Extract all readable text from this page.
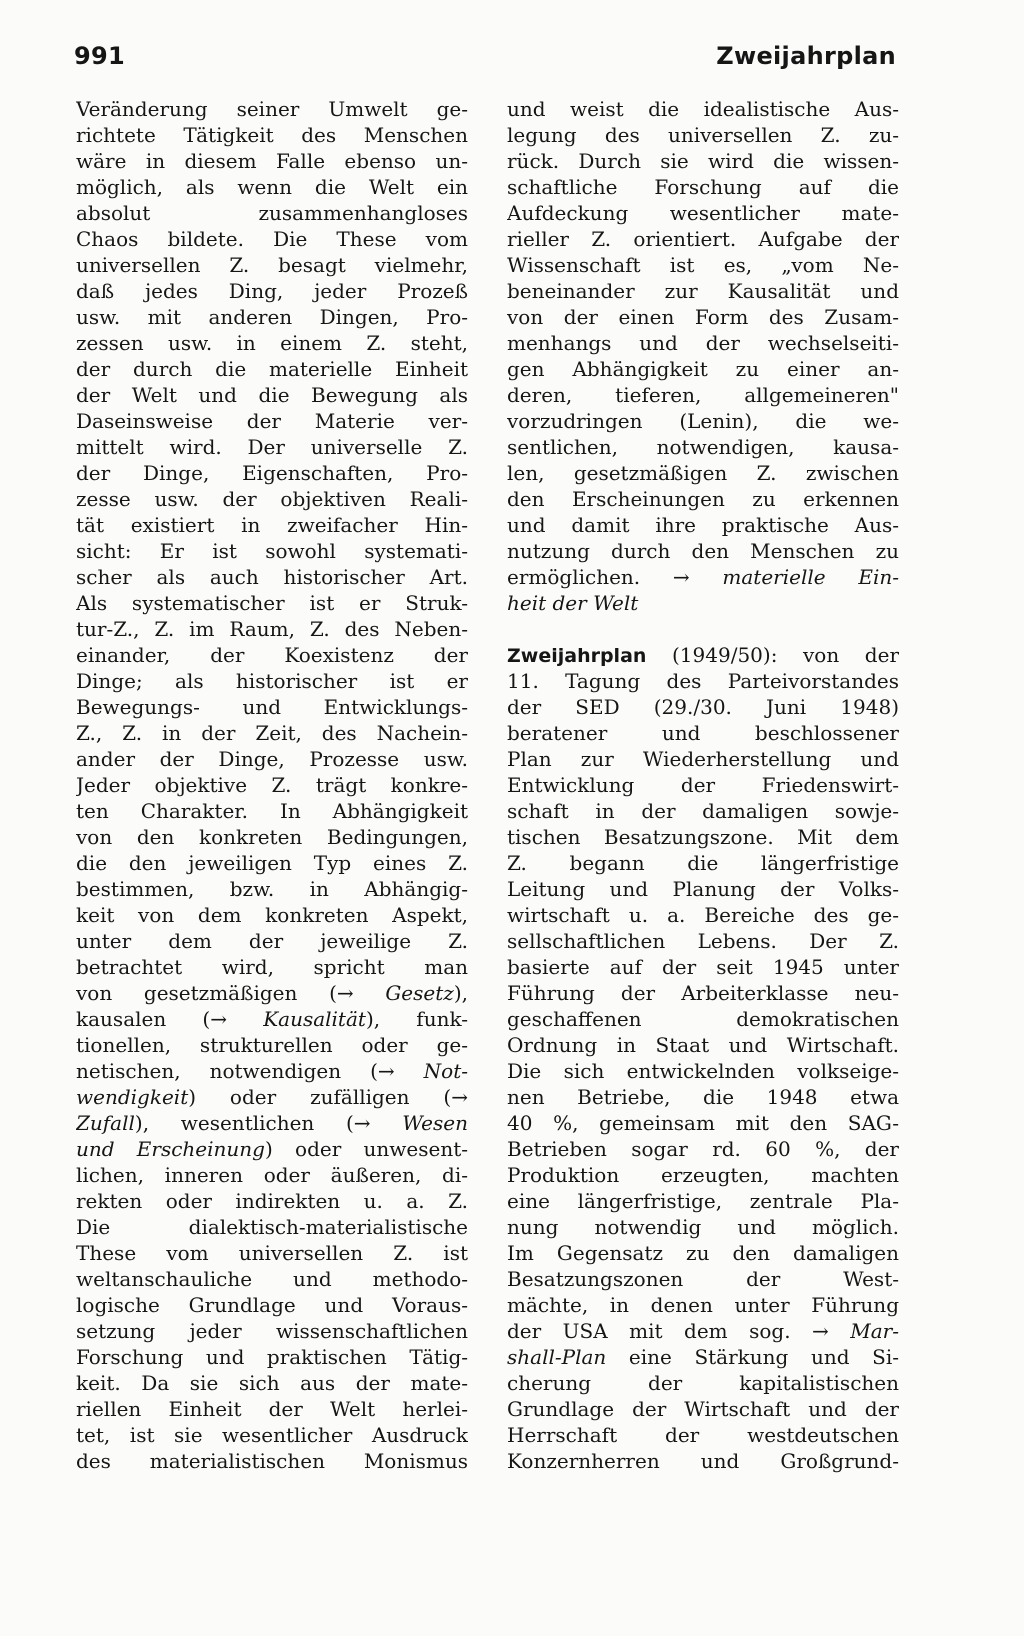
991	Zweijahrplan
Veränderung seiner Umwelt ge-
richtete Tätigkeit des Menschen
wäre in diesem Falle ebenso un-
möglich, als wenn die Welt ein
absolut zusammenhangloses
Chaos bildete. Die These vom
universellen Z. besagt vielmehr,
daß jedes Ding, jeder Prozeß
usw. mit anderen Dingen, Pro-
zessen usw. in einem Z. steht,
der durch die materielle Einheit
der Welt und die Bewegung als
Daseinsweise der Materie ver-
mittelt wird. Der universelle Z.
der Dinge, Eigenschaften, Pro-
zesse usw. der objektiven Reali-
tät existiert in zweifacher Hin-
sicht: Er ist sowohl systemati-
scher als auch historischer Art.
Als systematischer ist er Struk-
tur-Z., Z. im Raum, Z. des Neben-
einander, der Koexistenz der
Dinge; als historischer ist er
Bewegungs- und Entwicklungs-
Z., Z. in der Zeit, des Nachein-
ander der Dinge, Prozesse usw.
Jeder objektive Z. trägt konkre-
ten Charakter. In Abhängigkeit
von den konkreten Bedingungen,
die den jeweiligen Typ eines Z.
bestimmen, bzw. in Abhängig-
keit von dem konkreten Aspekt,
unter dem der jeweilige Z.
betrachtet wird, spricht man
von gesetzmäßigen (→ Gesetz),
kausalen (→ Kausalität), funk-
tionellen, strukturellen oder ge-
netischen, notwendigen (→ Not-
wendigkeit) oder zufälligen (→
Zufall), wesentlichen (→ Wesen
und Erscheinung) oder unwesent-
lichen, inneren oder äußeren, di-
rekten oder indirekten u. a. Z.
Die dialektisch-materialistische
These vom universellen Z. ist
weltanschauliche und methodo-
logische Grundlage und Voraus-
setzung jeder wissenschaftlichen
Forschung und praktischen Tätig-
keit. Da sie sich aus der mate-
riellen Einheit der Welt herlei-
tet, ist sie wesentlicher Ausdruck
des materialistischen Monismus
und weist die idealistische Aus-
legung des universellen Z. zu-
rück. Durch sie wird die wissen-
schaftliche Forschung auf die
Aufdeckung wesentlicher mate-
rieller Z. orientiert. Aufgabe der
Wissenschaft ist es, „vom Ne-
beneinander zur Kausalität und
von der einen Form des Zusam-
menhangs und der wechselseiti-
gen Abhängigkeit zu einer an-
deren, tieferen, allgemeineren"
vorzudringen (Lenin), die we-
sentlichen, notwendigen, kausa-
len, gesetzmäßigen Z. zwischen
den Erscheinungen zu erkennen
und damit ihre praktische Aus-
nutzung durch den Menschen zu
ermöglichen. → materielle Ein-
heit der Welt
Zweijahrplan (1949/50): von der
11. Tagung des Parteivorstandes
der SED (29./30. Juni 1948)
beratener und beschlossener
Plan zur Wiederherstellung und
Entwicklung der Friedenswirt-
schaft in der damaligen sowje-
tischen Besatzungszone. Mit dem
Z. begann die längerfristige
Leitung und Planung der Volks-
wirtschaft u. a. Bereiche des ge-
sellschaftlichen Lebens. Der Z.
basierte auf der seit 1945 unter
Führung der Arbeiterklasse neu-
geschaffenen demokratischen
Ordnung in Staat und Wirtschaft.
Die sich entwickelnden volkseige-
nen Betriebe, die 1948 etwa
40 %, gemeinsam mit den SAG-
Betrieben sogar rd. 60 %, der
Produktion erzeugten, machten
eine längerfristige, zentrale Pla-
nung notwendig und möglich.
Im Gegensatz zu den damaligen
Besatzungszonen der West-
mächte, in denen unter Führung
der USA mit dem sog. → Mar-
shall-Plan eine Stärkung und Si-
cherung der kapitalistischen
Grundlage der Wirtschaft und der
Herrschaft der westdeutschen
Konzernherren und Großgrund-
